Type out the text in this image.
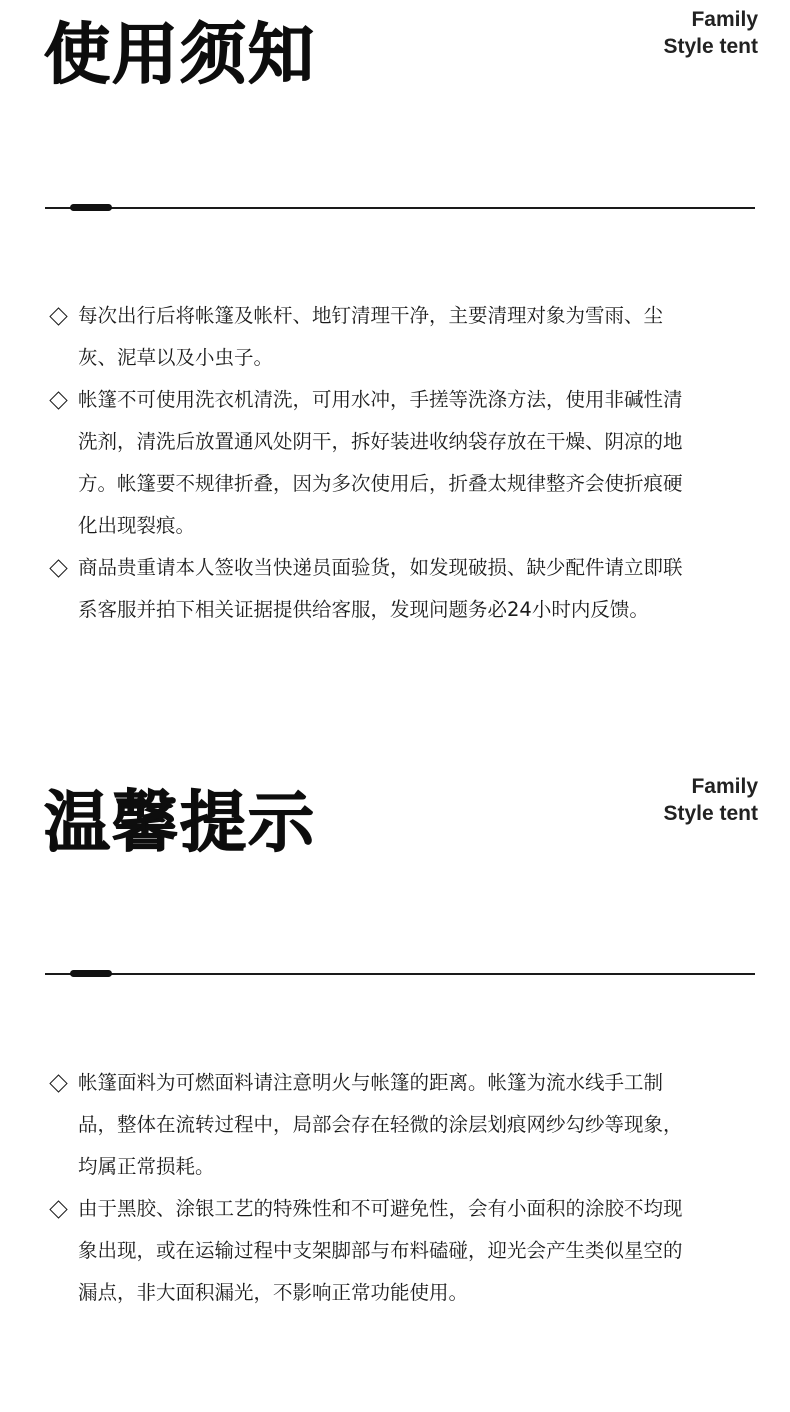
使用须知	Family
Style tent
每次出行后将帐篷及帐杆、地钉清理干净，主要清理对象为雪雨、尘灰、泥草以及小虫子。
帐篷不可使用洗衣机清洗，可用水冲，手搓等洗涤方法，使用非碱性清洗剂，清洗后放置通风处阴干，拆好装进收纳袋存放在干燥、阴凉的地方。帐篷要不规律折叠，因为多次使用后，折叠太规律整齐会使折痕硬化出现裂痕。
商品贵重请本人签收当快递员面验货，如发现破损、缺少配件请立即联系客服并拍下相关证据提供给客服，发现问题务必24小时内反馈。
温馨提示	Family
Style tent
帐篷面料为可燃面料请注意明火与帐篷的距离。帐篷为流水线手工制品，整体在流转过程中，局部会存在轻微的涂层划痕网纱勾纱等现象，均属正常损耗。
由于黑胶、涂银工艺的特殊性和不可避免性，会有小面积的涂胶不均现象出现，或在运输过程中支架脚部与布料磕碰，迎光会产生类似星空的漏点，非大面积漏光，不影响正常功能使用。
